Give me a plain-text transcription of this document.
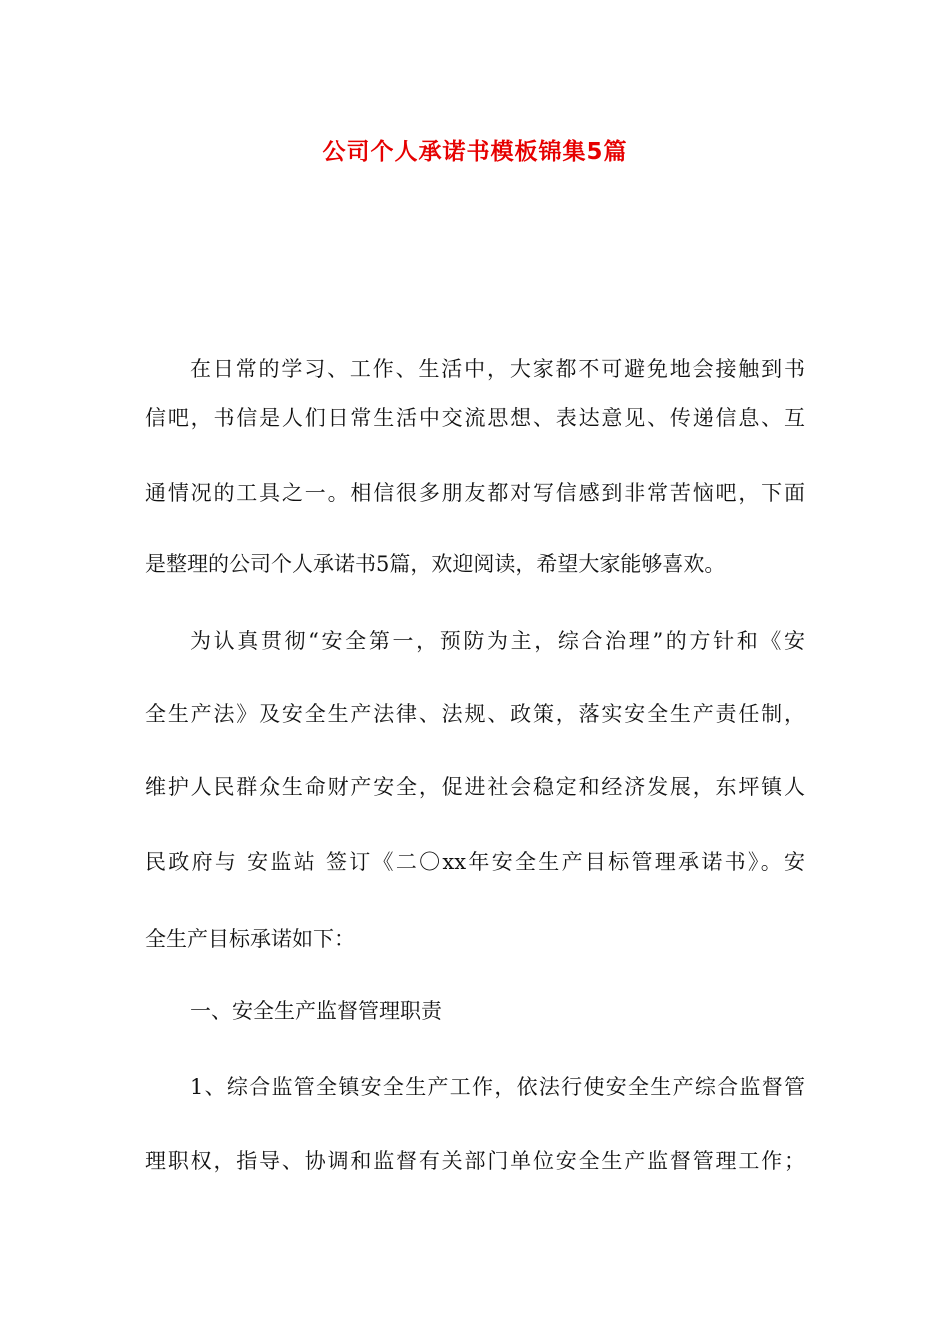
公司个人承诺书模板锦集5篇
在日常的学习、工作、生活中，大家都不可避免地会接触到书
信吧，书信是人们日常生活中交流思想、表达意见、传递信息、互
通情况的工具之一。相信很多朋友都对写信感到非常苦恼吧，下面
是整理的公司个人承诺书5篇，欢迎阅读，希望大家能够喜欢。
为认真贯彻“安全第一，预防为主，综合治理”的方针和《安
全生产法》及安全生产法律、法规、政策，落实安全生产责任制，
维护人民群众生命财产安全，促进社会稳定和经济发展，东坪镇人
民政府与 安监站 签订《二〇xx年安全生产目标管理承诺书》。安
全生产目标承诺如下：
一、安全生产监督管理职责
1、综合监管全镇安全生产工作，依法行使安全生产综合监督管
理职权，指导、协调和监督有关部门单位安全生产监督管理工作；
